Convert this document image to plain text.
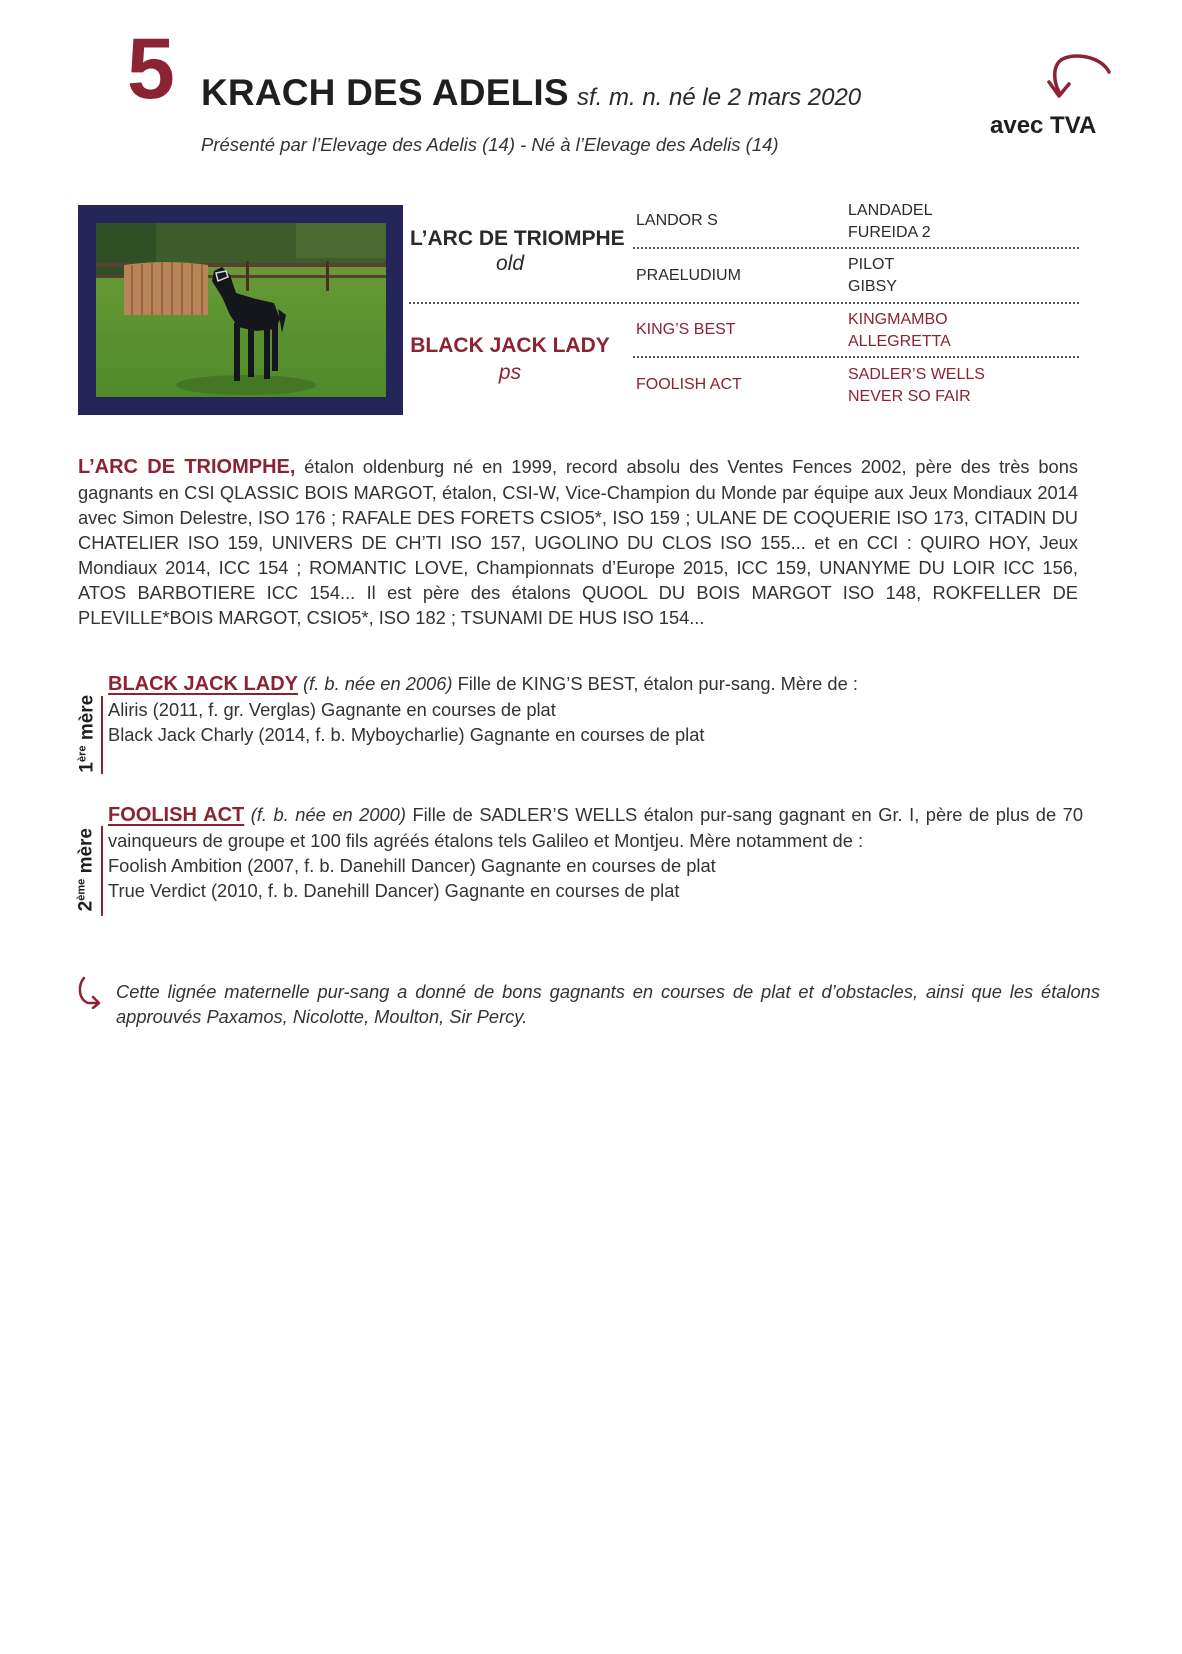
5 KRACH DES ADELIS sf. m. n. né le 2 mars 2020
Présenté par l’Elevage des Adelis (14) - Né à l’Elevage des Adelis (14)
avec TVA
L’ARC DE TRIOMPHE
old
BLACK JACK LADY
ps
LANDOR S
PRAELUDIUM
KING’S BEST
FOOLISH ACT
LANDADEL
FUREIDA 2
PILOT
GIBSY
KINGMAMBO
ALLEGRETTA
SADLER’S WELLS
NEVER SO FAIR
L’ARC DE TRIOMPHE, étalon oldenburg né en 1999, record absolu des Ventes Fences 2002, père des très bons gagnants en CSI QLASSIC BOIS MARGOT, étalon, CSI-W, Vice-Champion du Monde par équipe aux Jeux Mondiaux 2014 avec Simon Delestre, ISO 176 ; RAFALE DES FORETS CSIO5*, ISO 159 ; ULANE DE COQUERIE ISO 173, CITADIN DU CHATELIER ISO 159, UNIVERS DE CH’TI ISO 157, UGOLINO DU CLOS ISO 155... et en CCI : QUIRO HOY, Jeux Mondiaux 2014, ICC 154 ; ROMANTIC LOVE, Championnats d’Europe 2015, ICC 159, UNANYME DU LOIR ICC 156, ATOS BARBOTIERE ICC 154... Il est père des étalons QUOOL DU BOIS MARGOT ISO 148, ROKFELLER DE PLEVILLE*BOIS MARGOT, CSIO5*, ISO 182 ; TSUNAMI DE HUS ISO 154...
1ère mère
BLACK JACK LADY (f. b. née en 2006) Fille de KING’S BEST, étalon pur-sang. Mère de :
Aliris (2011, f. gr. Verglas) Gagnante en courses de plat
Black Jack Charly (2014, f. b. Myboycharlie) Gagnante en courses de plat
2ème mère
FOOLISH ACT (f. b. née en 2000) Fille de SADLER’S WELLS étalon pur-sang gagnant en Gr. I, père de plus de 70 vainqueurs de groupe et 100 fils agréés étalons tels Galileo et Montjeu. Mère notamment de :
Foolish Ambition (2007, f. b. Danehill Dancer) Gagnante en courses de plat
True Verdict (2010, f. b. Danehill Dancer) Gagnante en courses de plat
Cette lignée maternelle pur-sang a donné de bons gagnants en courses de plat et d’obstacles, ainsi que les étalons approuvés Paxamos, Nicolotte, Moulton, Sir Percy.
